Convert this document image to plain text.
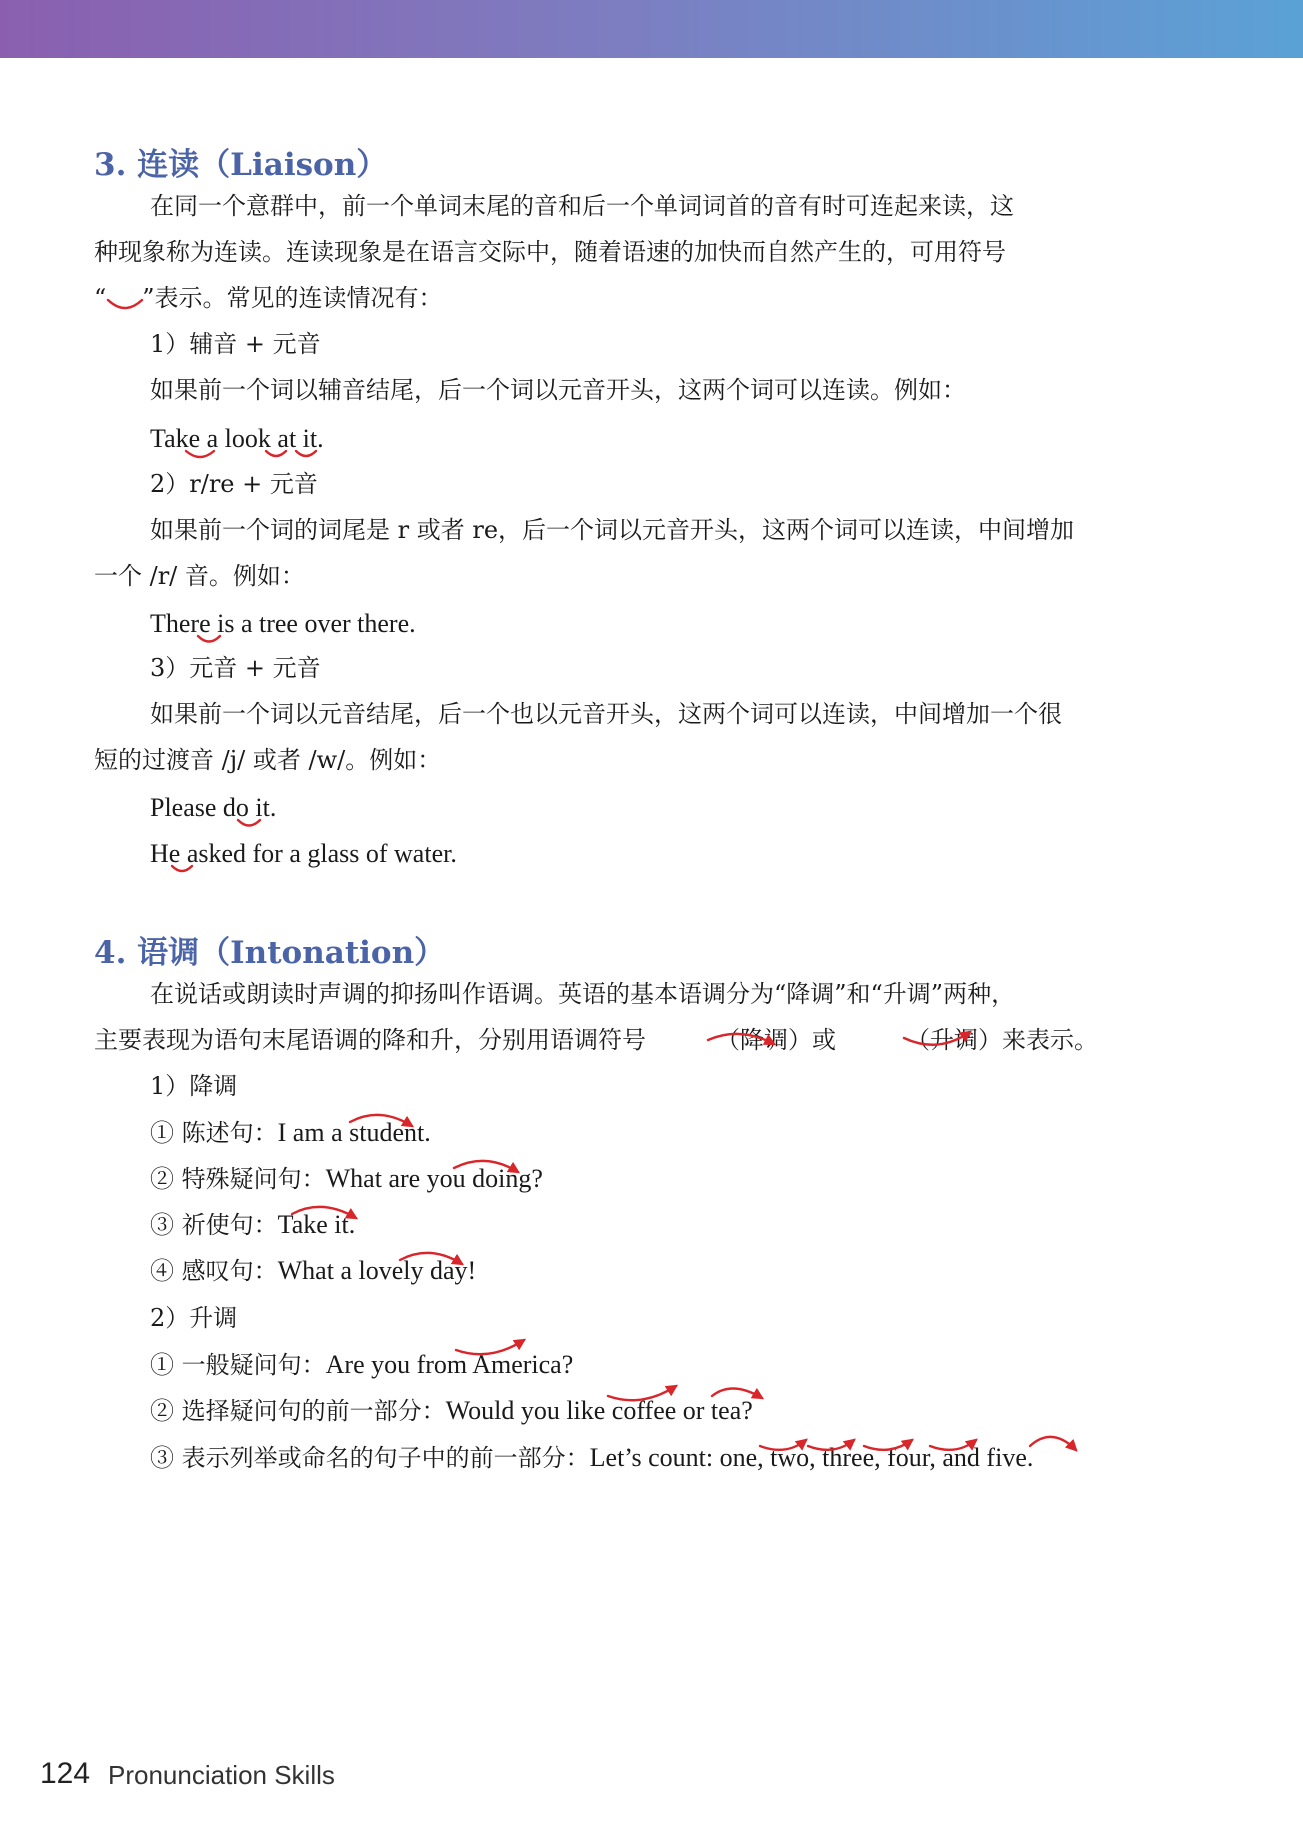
3. 连读（Liaison）
在同一个意群中，前一个单词末尾的音和后一个单词词首的音有时可连起来读，这
种现象称为连读。连读现象是在语言交际中，随着语速的加快而自然产生的，可用符号
“ ”表示。常见的连读情况有：
1）辅音 + 元音
如果前一个词以辅音结尾，后一个词以元音开头，这两个词可以连读。例如：
Take a look at it.
2）r/re + 元音
如果前一个词的词尾是 r 或者 re，后一个词以元音开头，这两个词可以连读，中间增加
一个 /r/ 音。例如：
There is a tree over there.
3）元音 + 元音
如果前一个词以元音结尾，后一个也以元音开头，这两个词可以连读，中间增加一个很
短的过渡音 /j/ 或者 /w/。例如：
Please do it.
He asked for a glass of water.
4. 语调（Intonation）
在说话或朗读时声调的抑扬叫作语调。英语的基本语调分为“降调”和“升调”两种，
主要表现为语句末尾语调的降和升，分别用语调符号	（降调）或	（升调）来表示。
1）降调
① 陈述句：I am a student.
② 特殊疑问句：What are you doing?
③ 祈使句：Take it.
④ 感叹句：What a lovely day!
2）升调
① 一般疑问句：Are you from America?
② 选择疑问句的前一部分：Would you like coffee or tea?
③ 表示列举或命名的句子中的前一部分：Let’s count: one, two, three, four, and five.
124 Pronunciation Skills
